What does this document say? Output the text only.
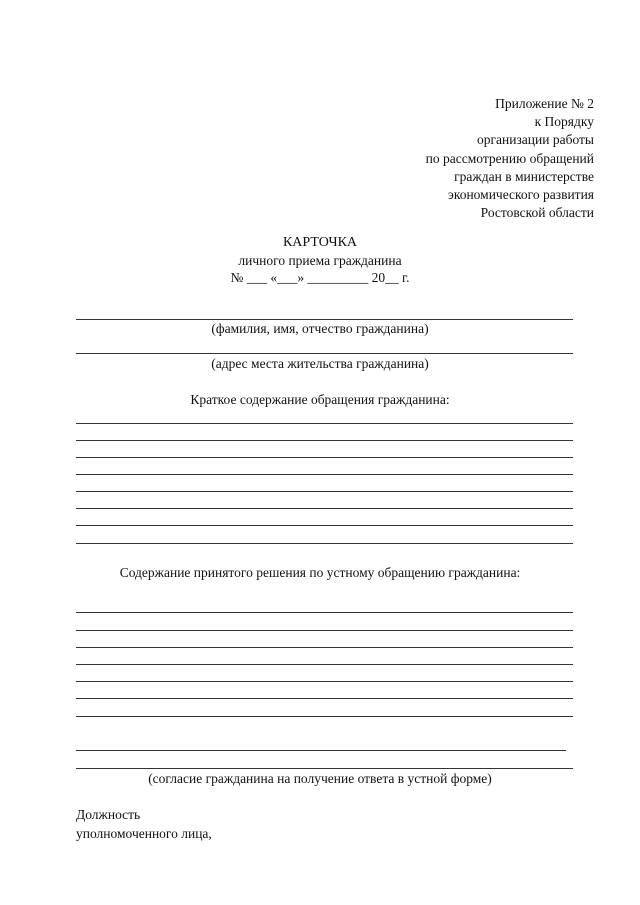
Приложение № 2
к Порядку
организации работы
по рассмотрению обращений
граждан в министерстве
экономического развития
Ростовской области
КАРТОЧКА
личного приема гражданина
№ ___ «___» _________ 20__ г.
(фамилия, имя, отчество гражданина)
(адрес места жительства гражданина)
Краткое содержание обращения гражданина:
Содержание принятого решения по устному обращению гражданина:
(согласие гражданина на получение ответа в устной форме)
Должность
уполномоченного лица,
